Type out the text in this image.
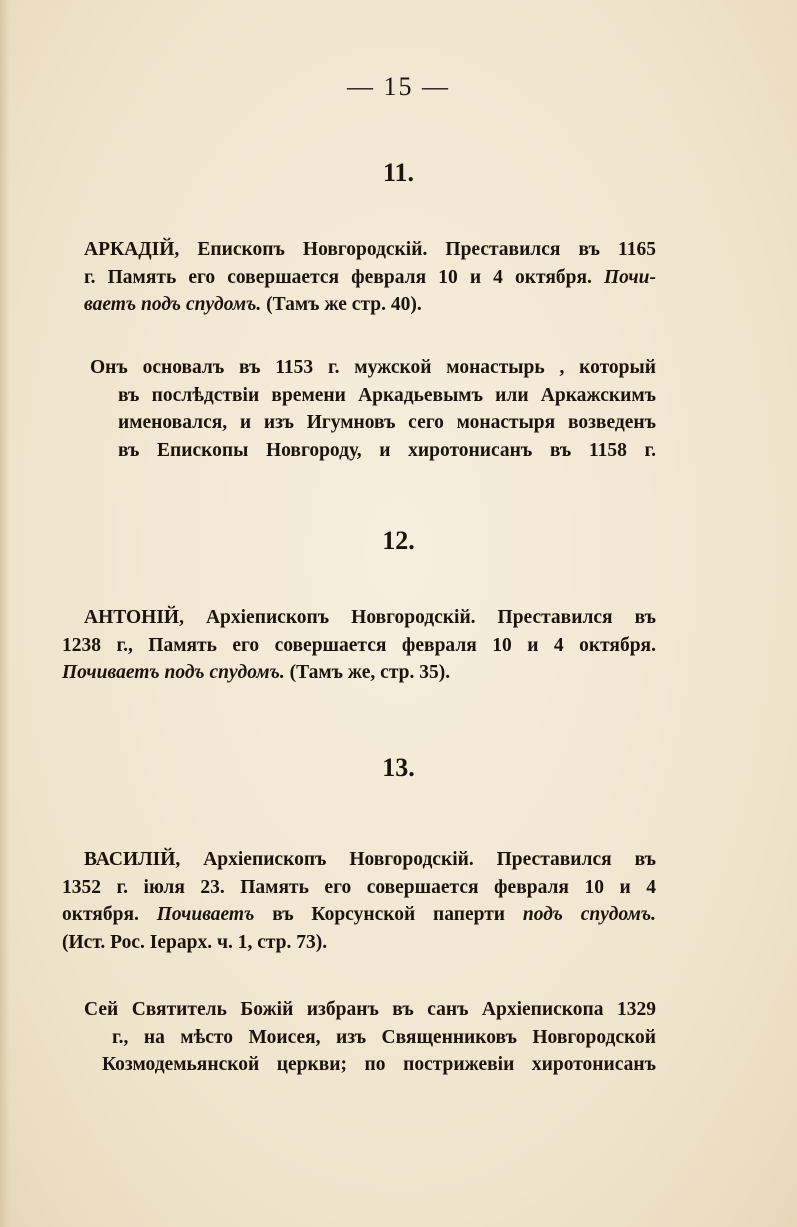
— 15 —
11.
АРКАДІЙ, Епископъ Новгородскій. Преставился въ 1165
г. Память его совершается февраля 10 и 4 октября. Почи-
ваетъ подъ спудомъ. (Тамъ же стр. 40).
Онъ основалъ въ 1153 г. мужской монастырь , который
въ послѣдствіи времени Аркадьевымъ или Аркажскимъ
именовался, и изъ Игумновъ сего монастыря возведенъ
въ Епископы Новгороду, и хиротонисанъ въ 1158 г.
12.
АНТОНІЙ, Архіепископъ Новгородскій. Преставился въ
1238 г., Память его совершается февраля 10 и 4 октября.
Почиваетъ подъ спудомъ. (Тамъ же, стр. 35).
13.
ВАСИЛІЙ, Архіепископъ Новгородскій. Преставился въ
1352 г. іюля 23. Память его совершается февраля 10 и 4
октября. Почиваетъ въ Корсунской паперти подъ спудомъ.
(Ист. Рос. Іерарх. ч. 1, стр. 73).
Сей Святитель Божій избранъ въ санъ Архіепископа 1329
г., на мѣсто Моисея, изъ Священниковъ Новгородской
Козмодемьянской церкви; по пострижевіи хиротонисанъ
